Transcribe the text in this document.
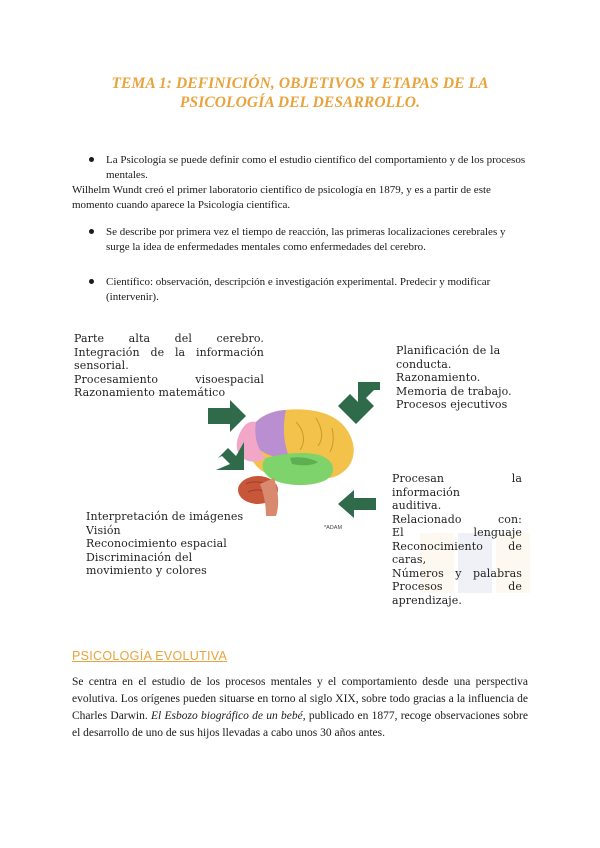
TEMA 1: DEFINICIÓN, OBJETIVOS Y ETAPAS DE LA
PSICOLOGÍA DEL DESARROLLO.
La Psicología se puede definir como el estudio científico del comportamiento y de los procesos mentales.
Wilhelm Wundt creó el primer laboratorio científico de psicología en 1879, y es a partir de este momento cuando aparece la Psicología científica.
Se describe por primera vez el tiempo de reacción, las primeras localizaciones cerebrales y surge la idea de enfermedades mentales como enfermedades del cerebro.
Científico: observación, descripción e investigación experimental. Predecir y modificar (intervenir).
Parte alta del cerebro.
Integración de la información
sensorial.
Procesamiento visoespacial
Razonamiento matemático
Planificación de la
conducta.
Razonamiento.
Memoria de trabajo.
Procesos ejecutivos
Interpretación de imágenes
Visión
Reconocimiento espacial
Discriminación del
movimiento y colores
Procesan la información
auditiva.
Relacionado con:
El lenguaje
Reconocimiento de caras,
Números y palabras
Procesos de aprendizaje.
*ADAM
PSICOLOGÍA EVOLUTIVA
Se centra en el estudio de los procesos mentales y el comportamiento desde una perspectiva evolutiva. Los orígenes pueden situarse en torno al siglo XIX, sobre todo gracias a la influencia de Charles Darwin. El Esbozo biográfico de un bebé, publicado en 1877, recoge observaciones sobre el desarrollo de uno de sus hijos llevadas a cabo unos 30 años antes.
